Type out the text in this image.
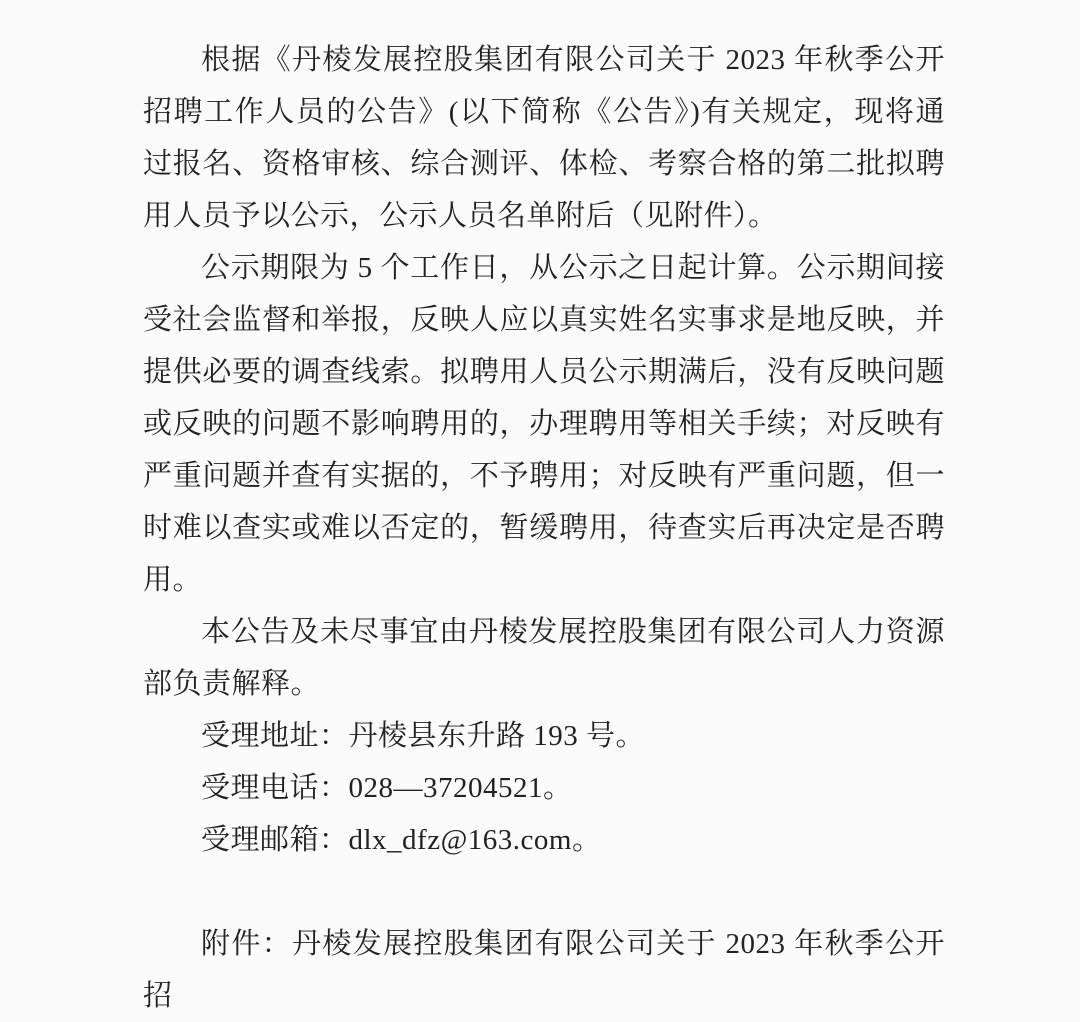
根据《丹棱发展控股集团有限公司关于 2023 年秋季公开招聘工作人员的公告》(以下简称《公告》)有关规定，现将通过报名、资格审核、综合测评、体检、考察合格的第二批拟聘用人员予以公示，公示人员名单附后（见附件）。

公示期限为 5 个工作日，从公示之日起计算。公示期间接受社会监督和举报，反映人应以真实姓名实事求是地反映，并提供必要的调查线索。拟聘用人员公示期满后，没有反映问题或反映的问题不影响聘用的，办理聘用等相关手续；对反映有严重问题并查有实据的，不予聘用；对反映有严重问题，但一时难以查实或难以否定的，暂缓聘用，待查实后再决定是否聘用。

本公告及未尽事宜由丹棱发展控股集团有限公司人力资源部负责解释。

受理地址：丹棱县东升路 193 号。

受理电话：028—37204521。

受理邮箱：dlx_dfz@163.com。

附件：丹棱发展控股集团有限公司关于 2023 年秋季公开招
